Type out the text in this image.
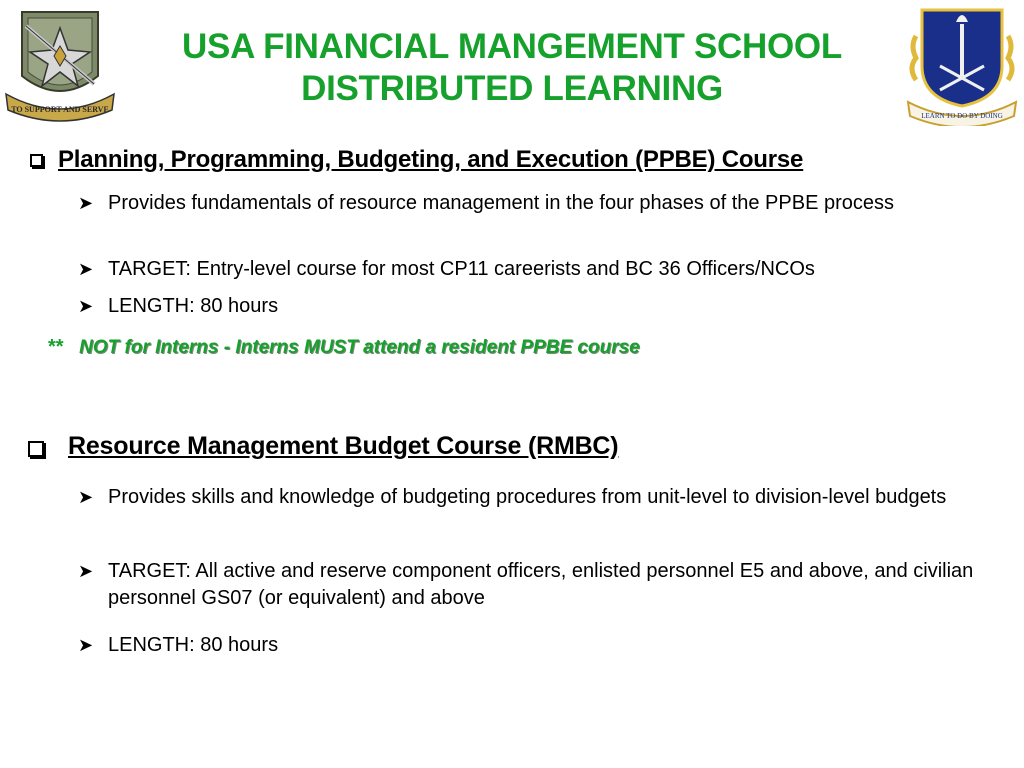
TO SUPPORT AND SERVE
LEARN TO DO BY DOING
USA FINANCIAL MANGEMENT SCHOOL
DISTRIBUTED LEARNING
Planning, Programming, Budgeting, and Execution (PPBE) Course
➤ Provides fundamentals of resource management in the four phases of the PPBE process
➤ TARGET: Entry-level course for most CP11 careerists and BC 36 Officers/NCOs
➤ LENGTH: 80 hours
** NOT for Interns - Interns MUST attend a resident PPBE course
Resource Management Budget Course (RMBC)
➤ Provides skills and knowledge of budgeting procedures from unit-level to division-level budgets
➤ TARGET: All active and reserve component officers, enlisted personnel E5 and above, and civilian personnel GS07 (or equivalent) and above
➤ LENGTH: 80 hours
